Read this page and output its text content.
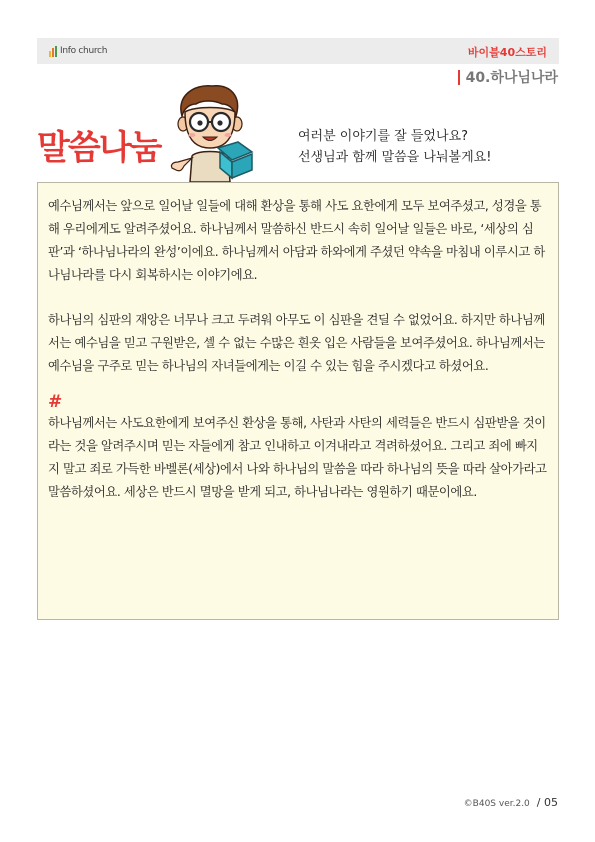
Info church	바이블40스토리
40.하나님나라
말씀나눔	여러분 이야기를 잘 들었나요?
선생님과 함께 말씀을 나눠볼게요!

예수님께서는 앞으로 일어날 일들에 대해 환상을 통해 사도 요한에게 모두 보여주셨고, 성경을 통해 우리에게도 알려주셨어요. 하나님께서 말씀하신 반드시 속히 일어날 일들은 바로, ‘세상의 심판’과 ‘하나님나라의 완성’이에요. 하나님께서 아담과 하와에게 주셨던 약속을 마침내 이루시고 하나님나라를 다시 회복하시는 이야기에요.

하나님의 심판의 재앙은 너무나 크고 두려워 아무도 이 심판을 견딜 수 없었어요. 하지만 하나님께서는 예수님을 믿고 구원받은, 셀 수 없는 수많은 흰옷 입은 사람들을 보여주셨어요. 하나님께서는 예수님을 구주로 믿는 하나님의 자녀들에게는 이길 수 있는 힘을 주시겠다고 하셨어요.

#

하나님께서는 사도요한에게 보여주신 환상을 통해, 사탄과 사탄의 세력들은 반드시 심판받을 것이라는 것을 알려주시며 믿는 자들에게 참고 인내하고 이겨내라고 격려하셨어요. 그리고 죄에 빠지지 말고 죄로 가득한 바벨론(세상)에서 나와 하나님의 말씀을 따라 하나님의 뜻을 따라 살아가라고 말씀하셨어요. 세상은 반드시 멸망을 받게 되고, 하나님나라는 영원하기 때문이에요.

©B40S ver.2.0 / 05
